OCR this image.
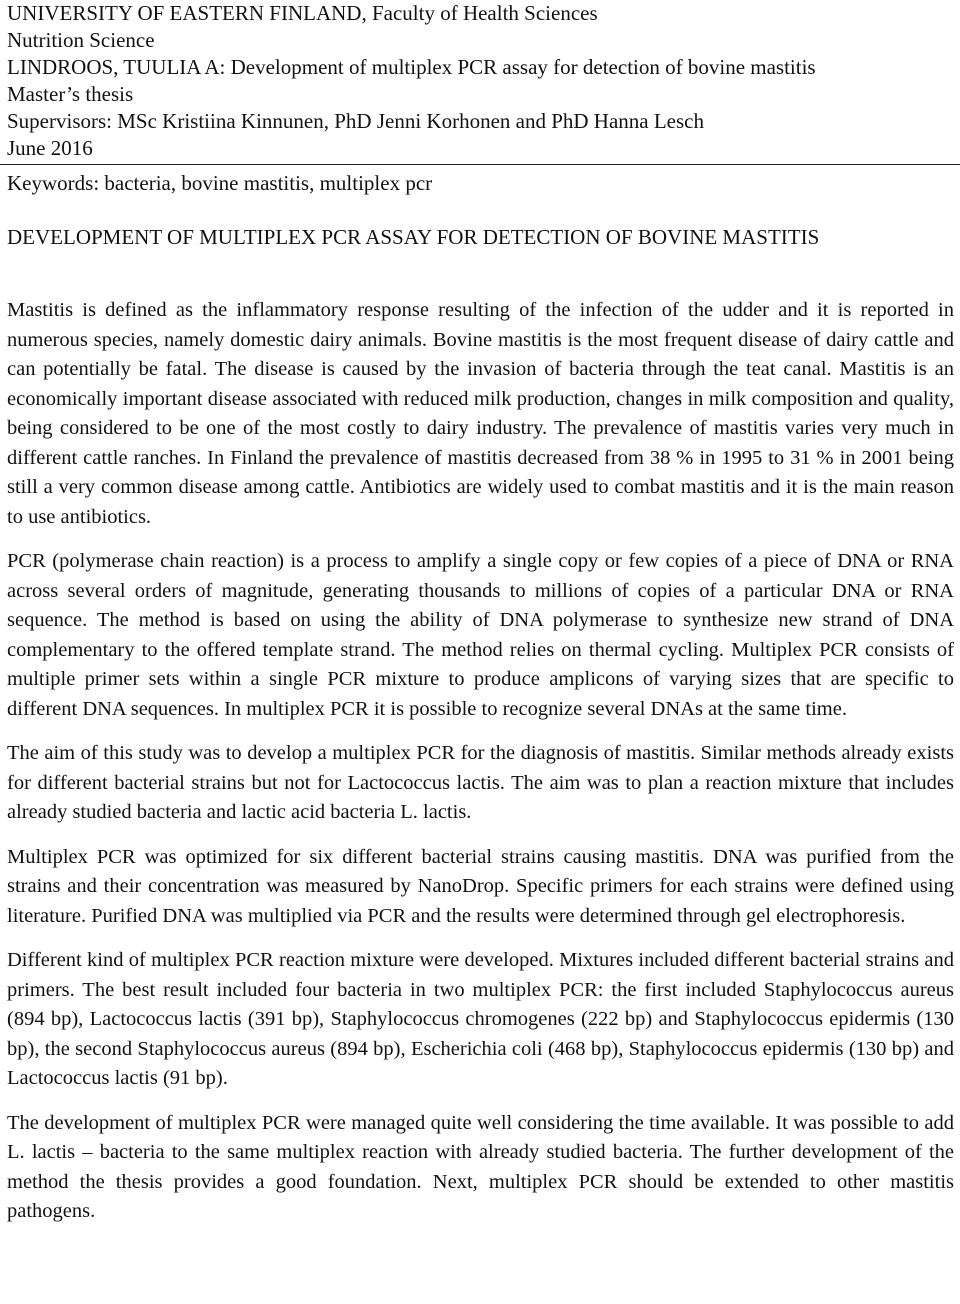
UNIVERSITY OF EASTERN FINLAND, Faculty of Health Sciences
Nutrition Science
LINDROOS, TUULIA A: Development of multiplex PCR assay for detection of bovine mastitis
Master’s thesis
Supervisors: MSc Kristiina Kinnunen, PhD Jenni Korhonen and PhD Hanna Lesch
June 2016
Keywords: bacteria, bovine mastitis, multiplex pcr
DEVELOPMENT OF MULTIPLEX PCR ASSAY FOR DETECTION OF BOVINE MASTITIS

Mastitis is defined as the inflammatory response resulting of the infection of the udder and it is reported in numerous species, namely domestic dairy animals. Bovine mastitis is the most frequent disease of dairy cattle and can potentially be fatal. The disease is caused by the invasion of bacteria through the teat canal. Mastitis is an economically important disease associated with reduced milk production, changes in milk composition and quality, being considered to be one of the most costly to dairy industry. The prevalence of mastitis varies very much in different cattle ranches. In Finland the prevalence of mastitis decreased from 38 % in 1995 to 31 % in 2001 being still a very common disease among cattle. Antibiotics are widely used to combat mastitis and it is the main reason to use antibiotics.

PCR (polymerase chain reaction) is a process to amplify a single copy or few copies of a piece of DNA or RNA across several orders of magnitude, generating thousands to millions of copies of a particular DNA or RNA sequence. The method is based on using the ability of DNA polymerase to synthesize new strand of DNA complementary to the offered template strand. The method relies on thermal cycling. Multiplex PCR consists of multiple primer sets within a single PCR mixture to produce amplicons of varying sizes that are specific to different DNA sequences. In multiplex PCR it is possible to recognize several DNAs at the same time.

The aim of this study was to develop a multiplex PCR for the diagnosis of mastitis. Similar methods already exists for different bacterial strains but not for Lactococcus lactis. The aim was to plan a reaction mixture that includes already studied bacteria and lactic acid bacteria L. lactis.

Multiplex PCR was optimized for six different bacterial strains causing mastitis. DNA was purified from the strains and their concentration was measured by NanoDrop. Specific primers for each strains were defined using literature. Purified DNA was multiplied via PCR and the results were determined through gel electrophoresis.

Different kind of multiplex PCR reaction mixture were developed. Mixtures included different bacterial strains and primers. The best result included four bacteria in two multiplex PCR: the first included Staphylococcus aureus (894 bp), Lactococcus lactis (391 bp), Staphylococcus chromogenes (222 bp) and Staphylococcus epidermis (130 bp), the second Staphylococcus aureus (894 bp), Escherichia coli (468 bp), Staphylococcus epidermis (130 bp) and Lactococcus lactis (91 bp).

The development of multiplex PCR were managed quite well considering the time available. It was possible to add L. lactis – bacteria to the same multiplex reaction with already studied bacteria. The further development of the method the thesis provides a good foundation. Next, multiplex PCR should be extended to other mastitis pathogens.
